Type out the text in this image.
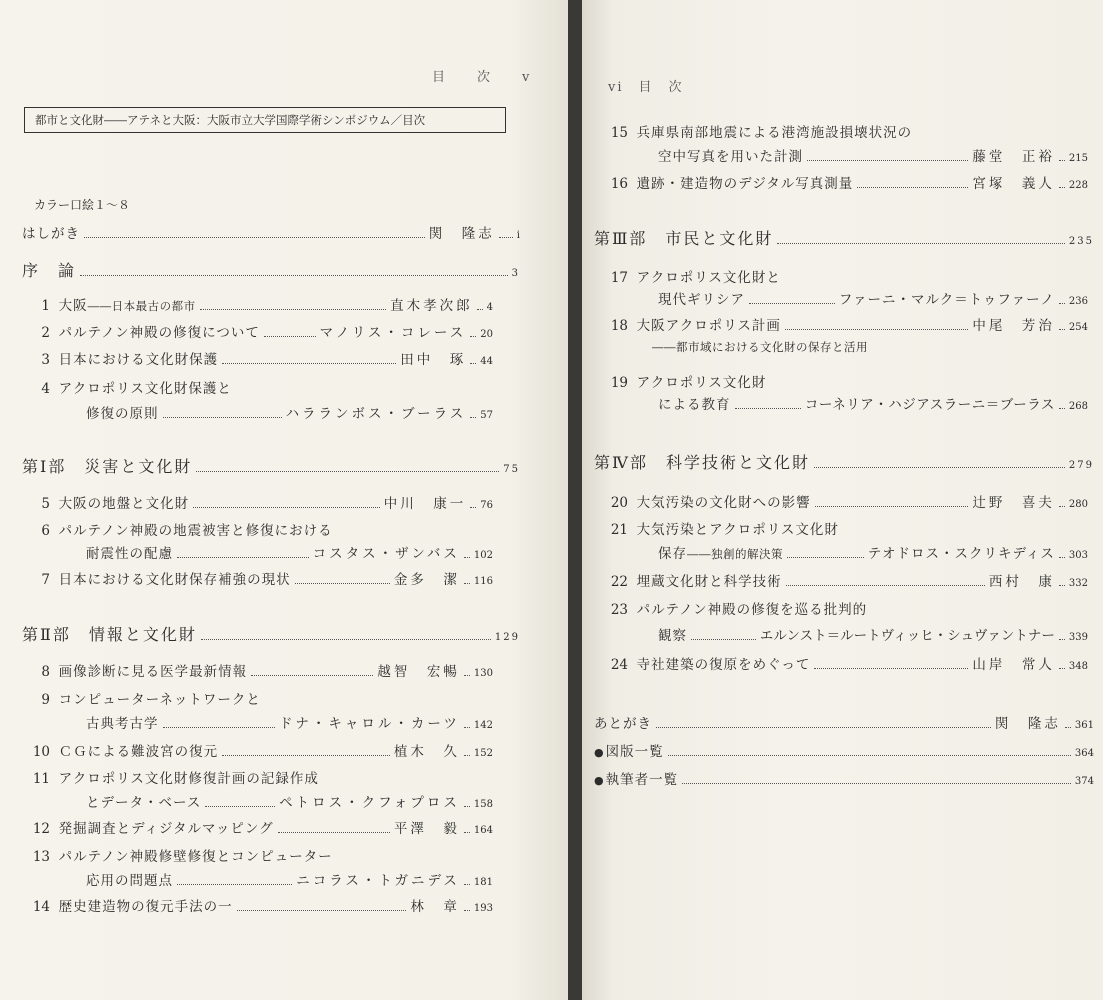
目　　次　　v
都市と文化財――アテネと大阪：大阪市立大学国際学術シンポジウム／目次
カラー口絵１〜８
はしがき	関　隆志 i
序　論	3
1
大阪 ――日本最古の都市	直木孝次郎 4
2
パルテノン神殿の修復について	マノリス・コレース 20
3
日本における文化財保護	田中　琢 44
4
アクロポリス文化財保護と
修復の原則	ハラランボス・ブーラス 57
第Ⅰ部　災害と文化財	75
5
大阪の地盤と文化財	中川　康一 76
6
パルテノン神殿の地震被害と修復における
耐震性の配慮	コスタス・ザンバス 102
7
日本における文化財保存補強の現状	金多　潔 116
第Ⅱ部　情報と文化財	129
8
画像診断に見る医学最新情報	越智　宏暢 130
9
コンピューターネットワークと
古典考古学	ドナ・キャロル・カーツ 142
10
ＣＧによる難波宮の復元	植木　久 152
11
アクロポリス文化財修復計画の記録作成
とデータ・ベース	ペトロス・クフォプロス 158
12
発掘調査とディジタルマッピング	平澤　毅 164
13
パルテノン神殿修壁修復とコンピューター
応用の問題点	ニコラス・トガニデス 181
14
歴史建造物の復元手法の一	林　章 193
vi　目　次
15
兵庫県南部地震による港湾施設損壊状況の
空中写真を用いた計測	藤堂　正裕 215
16
遺跡・建造物のデジタル写真測量	宮塚　義人 228
第Ⅲ部　市民と文化財	235
17
アクロポリス文化財と
現代ギリシア	ファーニ・マルク＝トゥファーノ 236
18
大阪アクロポリス計画	中尾　芳治 254
――都市域における文化財の保存と活用
19
アクロポリス文化財
による教育	コーネリア・ハジアスラーニ＝ブーラス 268
第Ⅳ部　科学技術と文化財	279
20
大気汚染の文化財への影響	辻野　喜夫 280
21
大気汚染とアクロポリス文化財
保存 ――独創的解決策	テオドロス・スクリキディス 303
22
埋蔵文化財と科学技術	西村　康 332
23
パルテノン神殿の修復を巡る批判的
観察	エルンスト＝ルートヴィッヒ・シュヴァントナー 339
24
寺社建築の復原をめぐって	山岸　常人 348
あとがき	関　隆志 361
● 図版一覧	364
● 執筆者一覧	374
